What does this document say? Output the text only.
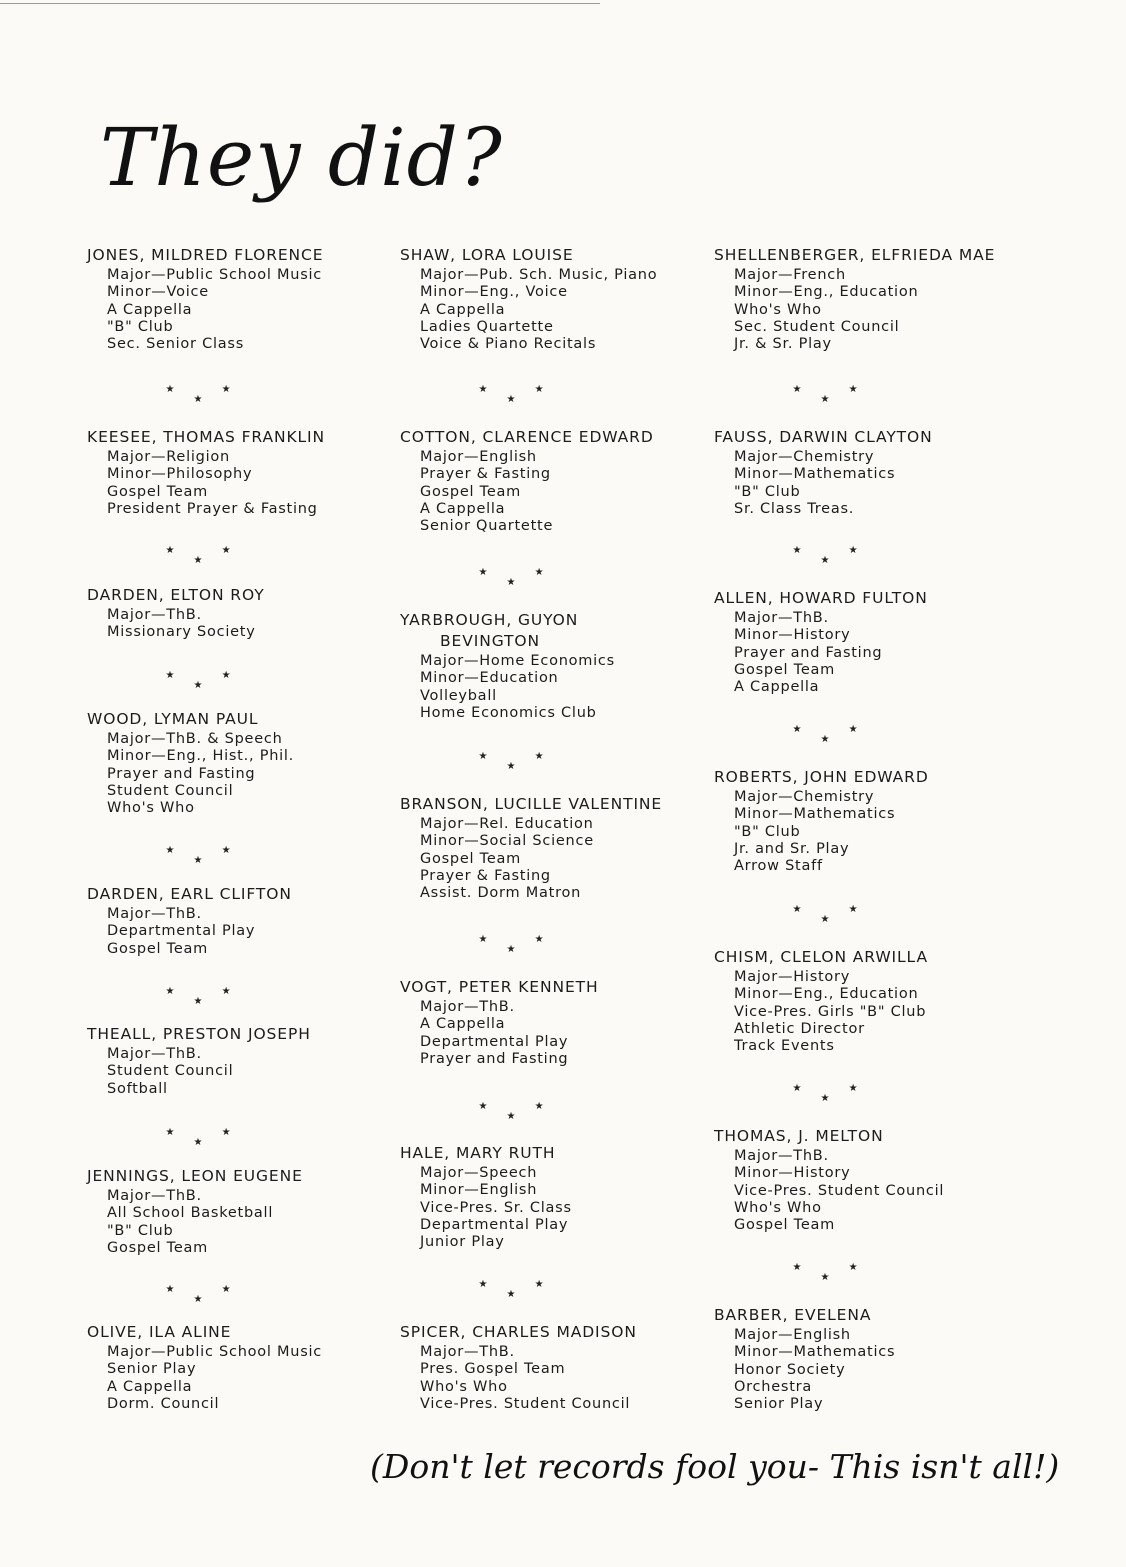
They did?
JONES, MILDRED FLORENCE
Major—Public School Music
Minor—Voice
A Cappella
"B" Club
Sec. Senior Class
KEESEE, THOMAS FRANKLIN
Major—Religion
Minor—Philosophy
Gospel Team
President Prayer & Fasting
DARDEN, ELTON ROY
Major—ThB.
Missionary Society
WOOD, LYMAN PAUL
Major—ThB. & Speech
Minor—Eng., Hist., Phil.
Prayer and Fasting
Student Council
Who's Who
DARDEN, EARL CLIFTON
Major—ThB.
Departmental Play
Gospel Team
THEALL, PRESTON JOSEPH
Major—ThB.
Student Council
Softball
JENNINGS, LEON EUGENE
Major—ThB.
All School Basketball
"B" Club
Gospel Team
OLIVE, ILA ALINE
Major—Public School Music
Senior Play
A Cappella
Dorm. Council
★ ★ ★
★ ★ ★
★ ★ ★
★ ★ ★
★ ★ ★
★ ★ ★
★ ★ ★
SHAW, LORA LOUISE
Major—Pub. Sch. Music, Piano
Minor—Eng., Voice
A Cappella
Ladies Quartette
Voice & Piano Recitals
COTTON, CLARENCE EDWARD
Major—English
Prayer & Fasting
Gospel Team
A Cappella
Senior Quartette
YARBROUGH, GUYON
BEVINGTON
Major—Home Economics
Minor—Education
Volleyball
Home Economics Club
BRANSON, LUCILLE VALENTINE
Major—Rel. Education
Minor—Social Science
Gospel Team
Prayer & Fasting
Assist. Dorm Matron
VOGT, PETER KENNETH
Major—ThB.
A Cappella
Departmental Play
Prayer and Fasting
HALE, MARY RUTH
Major—Speech
Minor—English
Vice-Pres. Sr. Class
Departmental Play
Junior Play
SPICER, CHARLES MADISON
Major—ThB.
Pres. Gospel Team
Who's Who
Vice-Pres. Student Council
★ ★ ★
★ ★ ★
★ ★ ★
★ ★ ★
★ ★ ★
★ ★ ★
SHELLENBERGER, ELFRIEDA MAE
Major—French
Minor—Eng., Education
Who's Who
Sec. Student Council
Jr. & Sr. Play
FAUSS, DARWIN CLAYTON
Major—Chemistry
Minor—Mathematics
"B" Club
Sr. Class Treas.
ALLEN, HOWARD FULTON
Major—ThB.
Minor—History
Prayer and Fasting
Gospel Team
A Cappella
ROBERTS, JOHN EDWARD
Major—Chemistry
Minor—Mathematics
"B" Club
Jr. and Sr. Play
Arrow Staff
CHISM, CLELON ARWILLA
Major—History
Minor—Eng., Education
Vice-Pres. Girls "B" Club
Athletic Director
Track Events
THOMAS, J. MELTON
Major—ThB.
Minor—History
Vice-Pres. Student Council
Who's Who
Gospel Team
BARBER, EVELENA
Major—English
Minor—Mathematics
Honor Society
Orchestra
Senior Play
★ ★ ★
★ ★ ★
★ ★ ★
★ ★ ★
★ ★ ★
★ ★ ★

(Don't let records fool you- This isn't all!)
